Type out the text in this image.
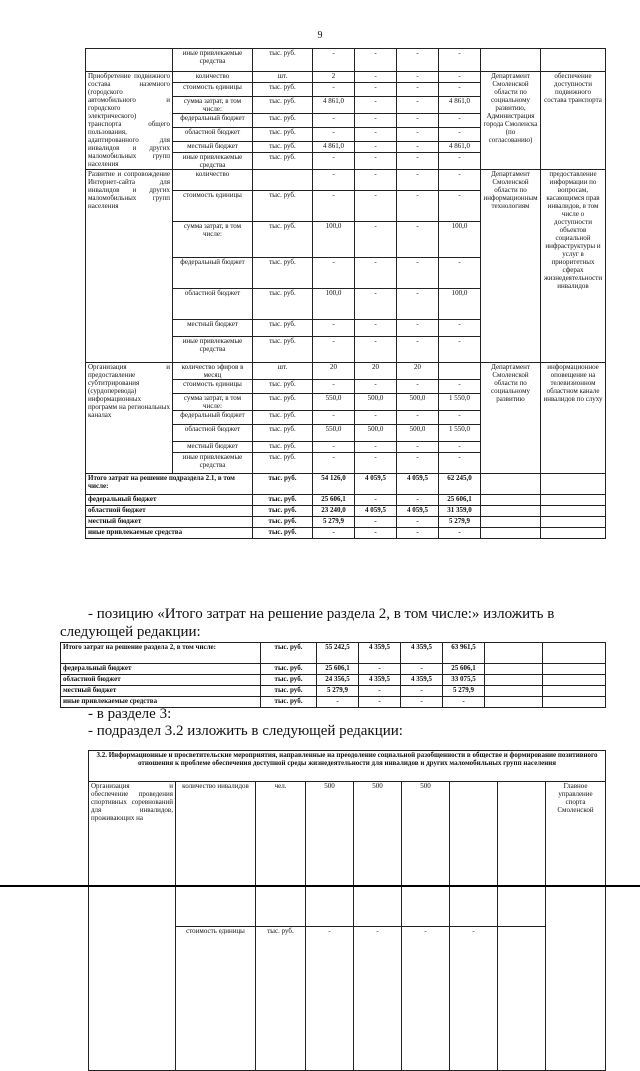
9
	иные привлекаемые средства	тыс. руб.	-	-	-	-		
Приобретение подвижного состава наземного (городского автомобильного и городского электрического) транспорта общего пользования, адаптированного для инвалидов и других маломобильных групп населения	количество	шт.	2	-	-	-	Департамент Смоленской области по социальному развитию, Администрация города Смоленска (по согласованию)	обеспечение доступности подвижного состава транспорта
	стоимость единицы	тыс. руб.	-	-	-	-		
	сумма затрат, в том числе:	тыс. руб.	4 861,0	-	-	4 861,0		
	федеральный бюджет	тыс. руб.	-	-	-	-		
	областной бюджет	тыс. руб.	-	-	-	-		
	местный бюджет	тыс. руб.	4 861,0	-	-	4 861,0		
	иные привлекаемые средства	тыс. руб.	-	-	-	-		
Развитие и сопровождение Интернет-сайта для инвалидов и других маломобильных групп населения	количество		-	-	-	-	Департамент Смоленской области по информационным технологиям	предоставление информации по вопросам, касающимся прав инвалидов, в том числе о доступности объектов социальной инфраструктуры и услуг в приоритетных сферах жизнедеятельности инвалидов
	стоимость единицы	тыс. руб.	-	-	-	-		
	сумма затрат, в том числе:	тыс. руб.	100,0	-	-	100,0		
	федеральный бюджет	тыс. руб.	-	-	-	-		
	областной бюджет	тыс. руб.	100,0	-	-	100,0		
	местный бюджет	тыс. руб.	-	-	-	-		
	иные привлекаемые средства	тыс. руб.	-	-	-	-		
Организация и предоставление субтитрирования (сурдоперевода) информационных программ на региональных каналах	количество эфиров в месяц	шт.	20	20	20		Департамент Смоленской области по социальному развитию	информационное оповещение на телевизионном областном канале инвалидов по слуху
	стоимость единицы	тыс. руб.	-	-	-	-		
	сумма затрат, в том числе:	тыс. руб.	550,0	500,0	500,0	1 550,0		
	федеральный бюджет	тыс. руб.	-	-	-	-		
	областной бюджет	тыс. руб.	550,0	500,0	500,0	1 550,0		
	местный бюджет	тыс. руб.	-	-	-	-		
	иные привлекаемые средства	тыс. руб.	-	-	-	-		
Итого затрат на решение подраздела 2.1, в том числе:		тыс. руб.	54 126,0	4 059,5	4 059,5	62 245,0		
федеральный бюджет		тыс. руб.	25 606,1	-	-	25 606,1		
областной бюджет		тыс. руб.	23 240,0	4 059,5	4 059,5	31 359,0		
местный бюджет		тыс. руб.	5 279,9	-	-	5 279,9		
иные привлекаемые средства		тыс. руб.	-	-	-	-		
- позицию «Итого затрат на решение раздела 2, в том числе:» изложить в
следующей редакции:
Итого затрат на решение раздела 2, в том числе:	тыс. руб.	55 242,5	4 359,5	4 359,5	63 961,5		
федеральный бюджет	тыс. руб.	25 606,1	-	-	25 606,1		
областной бюджет	тыс. руб.	24 356,5	4 359,5	4 359,5	33 075,5		
местный бюджет	тыс. руб.	5 279,9	-	-	5 279,9		
иные привлекаемые средства	тыс. руб.	-	-	-	-		
- в разделе 3:
- подраздел 3.2 изложить в следующей редакции:
3.2. Информационные и просветительские мероприятия, направленные на преодоление социальной разобщенности в обществе и формирование позитивного отношения к проблеме обеспечения доступной среды жизнедеятельности для инвалидов и других маломобильных групп населения									
Организация и обеспечение проведения спортивных соревнований для инвалидов, проживающих на	количество инвалидов	чел.	500	500	500			Главное управление спорта Смоленской	
	стоимость единицы	тыс. руб.	-	-	-	-			
